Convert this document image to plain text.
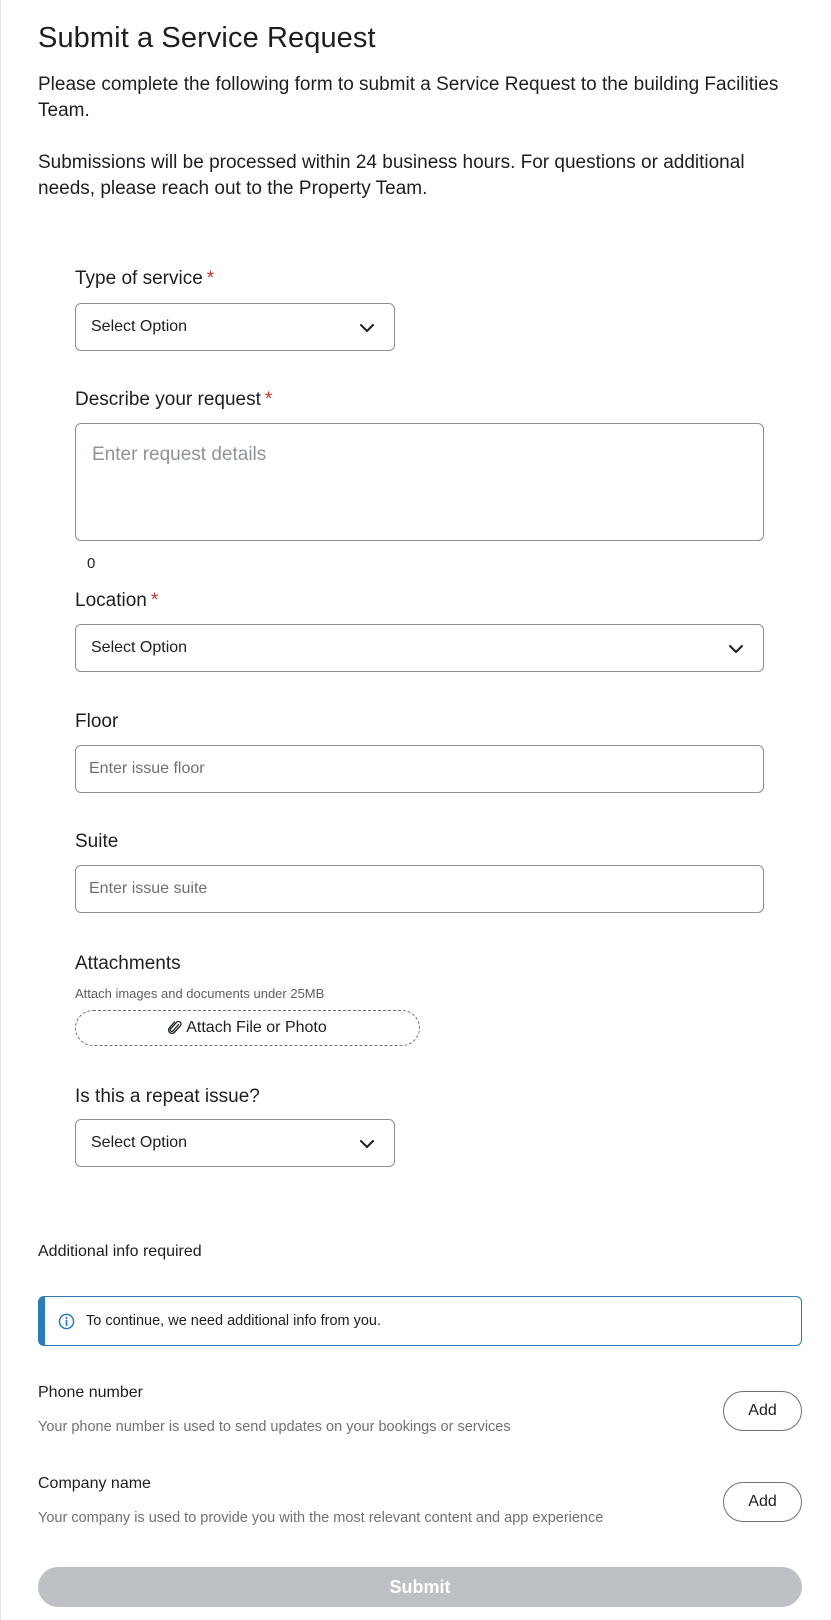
Submit a Service Request

Please complete the following form to submit a Service Request to the building Facilities Team.

Submissions will be processed within 24 business hours. For questions or additional needs, please reach out to the Property Team.

Type of service *
Select Option
Describe your request *
Enter request details
0
Location *
Select Option
Floor
Enter issue floor
Suite
Enter issue suite
Attachments
Attach images and documents under 25MB
Attach File or Photo
Is this a repeat issue?
Select Option
Additional info required
To continue, we need additional info from you.
Phone number
Your phone number is used to send updates on your bookings or services
Add
Company name
Your company is used to provide you with the most relevant content and app experience
Add
Submit
